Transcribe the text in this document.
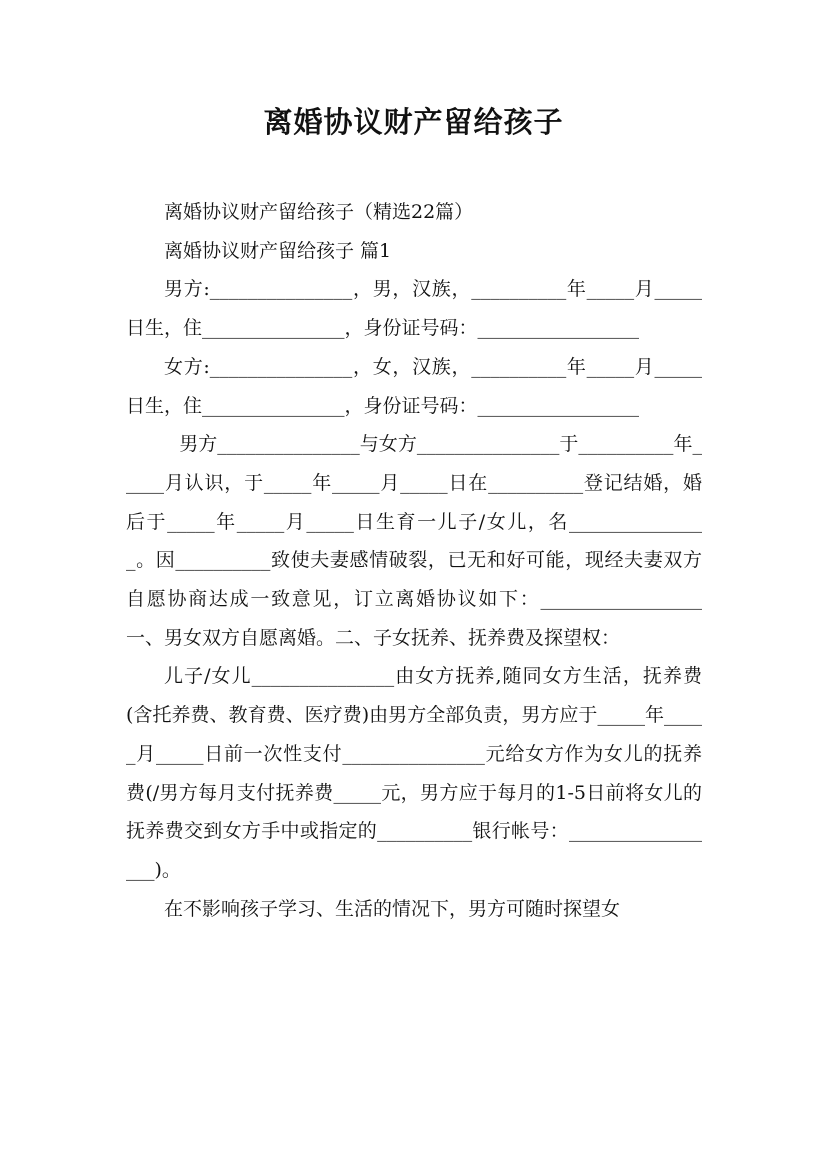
离婚协议财产留给孩子

离婚协议财产留给孩子（精选22篇）

离婚协议财产留给孩子 篇1

男方:_______________，男，汉族，__________年_____月_____日生，住_______________，身份证号码：_________________

女方:_______________，女，汉族，__________年_____月_____日生，住_______________，身份证号码：_________________

男方_______________与女方_______________于__________年_____月认识，于_____年_____月_____日在__________登记结婚，婚后于_____年_____月_____日生育一儿子/女儿，名_______________。因__________致使夫妻感情破裂，已无和好可能，现经夫妻双方自愿协商达成一致意见，订立离婚协议如下：_________________一、男女双方自愿离婚。二、子女抚养、抚养费及探望权：

儿子/女儿_______________由女方抚养,随同女方生活，抚养费(含托养费、教育费、医疗费)由男方全部负责，男方应于_____年_____月_____日前一次性支付_______________元给女方作为女儿的抚养费(/男方每月支付抚养费_____元，男方应于每月的1-5日前将女儿的抚养费交到女方手中或指定的__________银行帐号：_________________)。

在不影响孩子学习、生活的情况下，男方可随时探望女
